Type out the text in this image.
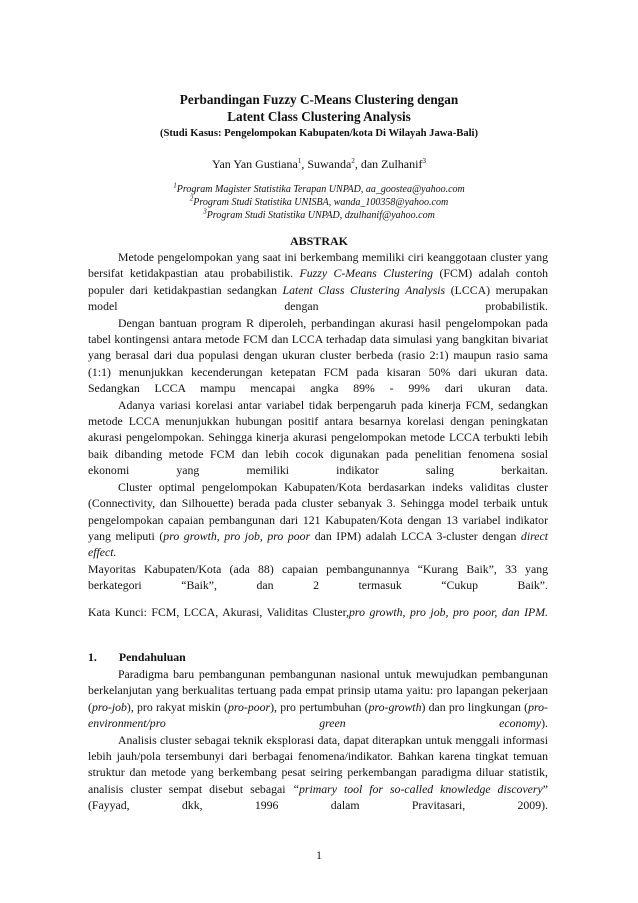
Perbandingan Fuzzy C-Means Clustering dengan
Latent Class Clustering Analysis
(Studi Kasus: Pengelompokan Kabupaten/kota Di Wilayah Jawa-Bali)
Yan Yan Gustiana$^1$, Suwanda$^2$, dan Zulhanif$^3$
$^1$Program Magister Statistika Terapan UNPAD, aa_goostea@yahoo.com
$^2$Program Studi Statistika UNISBA, wanda_100358@yahoo.com
$^3$Program Studi Statistika UNPAD, dzulhanif@yahoo.com
ABSTRAK

Metode pengelompokan yang saat ini berkembang memiliki ciri keanggotaan cluster yang bersifat ketidakpastian atau probabilistik. Fuzzy C-Means Clustering (FCM) adalah contoh populer dari ketidakpastian sedangkan Latent Class Clustering Analysis (LCCA) merupakan model dengan probabilistik.

Dengan bantuan program R diperoleh, perbandingan akurasi hasil pengelompokan pada tabel kontingensi antara metode FCM dan LCCA terhadap data simulasi yang bangkitan bivariat yang berasal dari dua populasi dengan ukuran cluster berbeda (rasio 2:1) maupun rasio sama (1:1) menunjukkan kecenderungan ketepatan FCM pada kisaran 50% dari ukuran data. Sedangkan LCCA mampu mencapai angka 89% - 99% dari ukuran data.

Adanya variasi korelasi antar variabel tidak berpengaruh pada kinerja FCM, sedangkan metode LCCA menunjukkan hubungan positif antara besarnya korelasi dengan peningkatan akurasi pengelompokan. Sehingga kinerja akurasi pengelompokan metode LCCA terbukti lebih baik dibanding metode FCM dan lebih cocok digunakan pada penelitian fenomena sosial ekonomi yang memiliki indikator saling berkaitan.

Cluster optimal pengelompokan Kabupaten/Kota berdasarkan indeks validitas cluster (Connectivity, dan Silhouette) berada pada cluster sebanyak 3. Sehingga model terbaik untuk pengelompokan capaian pembangunan dari 121 Kabupaten/Kota dengan 13 variabel indikator yang meliputi (pro growth, pro job, pro poor dan IPM) adalah LCCA 3-cluster dengan direct effect.

Mayoritas Kabupaten/Kota (ada 88) capaian pembangunannya “Kurang Baik”, 33 yang berkategori “Baik”, dan 2 termasuk “Cukup Baik”.

Kata Kunci: FCM, LCCA, Akurasi, Validitas Cluster,pro growth, pro job, pro poor, dan IPM.
1. Pendahuluan

Paradigma baru pembangunan pembangunan nasional untuk mewujudkan pembangunan berkelanjutan yang berkualitas tertuang pada empat prinsip utama yaitu: pro lapangan pekerjaan (pro-job), pro rakyat miskin (pro-poor), pro pertumbuhan (pro-growth) dan pro lingkungan (pro-environment/pro green economy).

Analisis cluster sebagai teknik eksplorasi data, dapat diterapkan untuk menggali informasi lebih jauh/pola tersembunyi dari berbagai fenomena/indikator. Bahkan karena tingkat temuan struktur dan metode yang berkembang pesat seiring perkembangan paradigma diluar statistik, analisis cluster sempat disebut sebagai “primary tool for so-called knowledge discovery” (Fayyad, dkk, 1996 dalam Pravitasari, 2009).

1
